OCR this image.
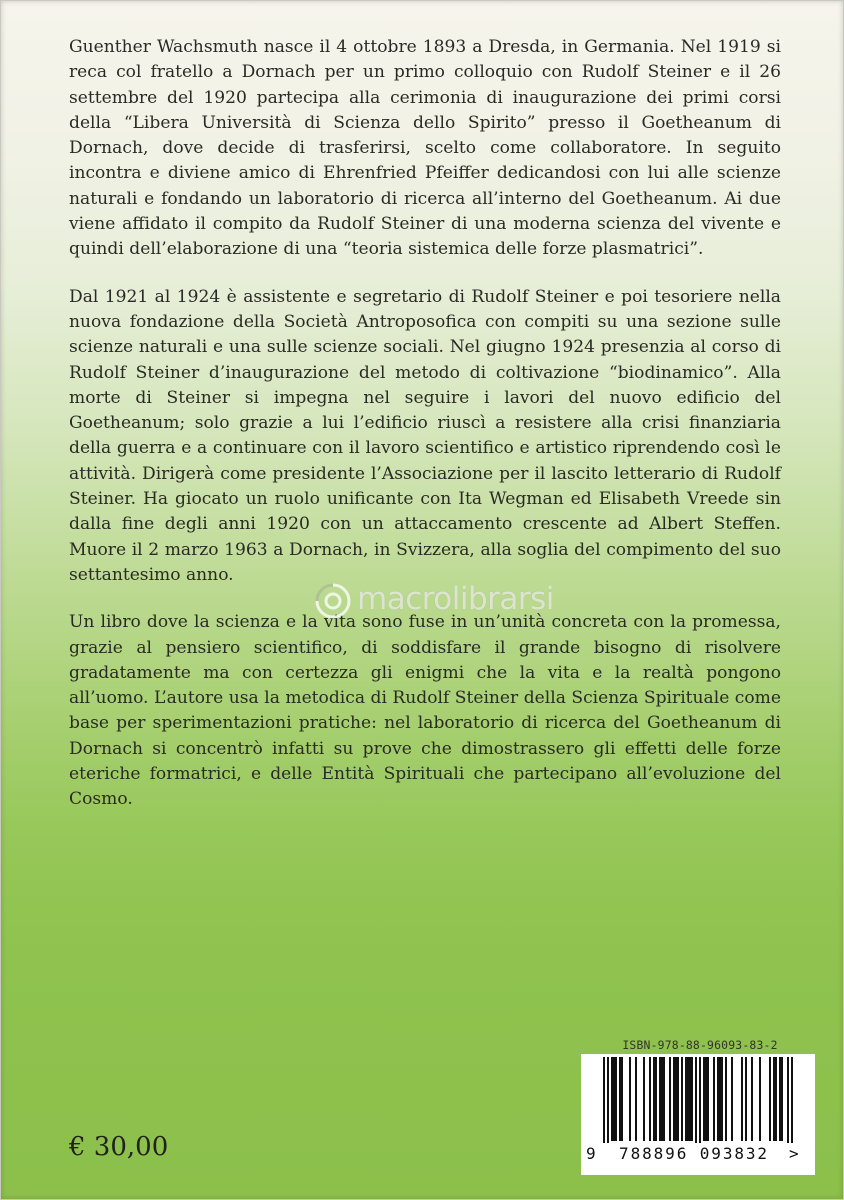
Guenther Wachsmuth nasce il 4 ottobre 1893 a Dresda, in Germania. Nel 1919 si reca col fratello a Dornach per un primo colloquio con Rudolf Steiner e il 26 settembre del 1920 partecipa alla cerimonia di inaugurazione dei primi corsi della “Libera Università di Scienza dello Spirito” presso il Goetheanum di Dornach, dove decide di trasferirsi, scelto come collaboratore. In seguito incontra e diviene amico di Ehrenfried Pfeiffer dedicandosi con lui alle scienze naturali e fondando un laboratorio di ricerca all’interno del Goetheanum. Ai due viene affidato il compito da Rudolf Steiner di una moderna scienza del vivente e quindi dell’elaborazione di una “teoria sistemica delle forze plasmatrici”.

Dal 1921 al 1924 è assistente e segretario di Rudolf Steiner e poi tesoriere nella nuova fondazione della Società Antroposofica con compiti su una sezione sulle scienze naturali e una sulle scienze sociali. Nel giugno 1924 presenzia al corso di Rudolf Steiner d’inaugurazione del metodo di coltivazione “biodinamico”. Alla morte di Steiner si impegna nel seguire i lavori del nuovo edificio del Goetheanum; solo grazie a lui l’edificio riuscì a resistere alla crisi finanziaria della guerra e a continuare con il lavoro scientifico e artistico riprendendo così le attività. Dirigerà come presidente l’Associazione per il lascito letterario di Rudolf Steiner. Ha giocato un ruolo unificante con Ita Wegman ed Elisabeth Vreede sin dalla fine degli anni 1920 con un attaccamento crescente ad Albert Steffen. Muore il 2 marzo 1963 a Dornach, in Svizzera, alla soglia del compimento del suo settantesimo anno.

Un libro dove la scienza e la vita sono fuse in un’unità concreta con la promessa, grazie al pensiero scientifico, di soddisfare il grande bisogno di risolvere gradatamente ma con certezza gli enigmi che la vita e la realtà pongono all’uomo. L’autore usa la metodica di Rudolf Steiner della Scienza Spirituale come base per sperimentazioni pratiche: nel laboratorio di ricerca del Goetheanum di Dornach si concentrò infatti su prove che dimostrassero gli effetti delle forze eteriche formatrici, e delle Entità Spirituali che partecipano all’evoluzione del Cosmo.

macrolibrarsi
ISBN-978-88-96093-83-2
9	788896 093832	>
€ 30,00
